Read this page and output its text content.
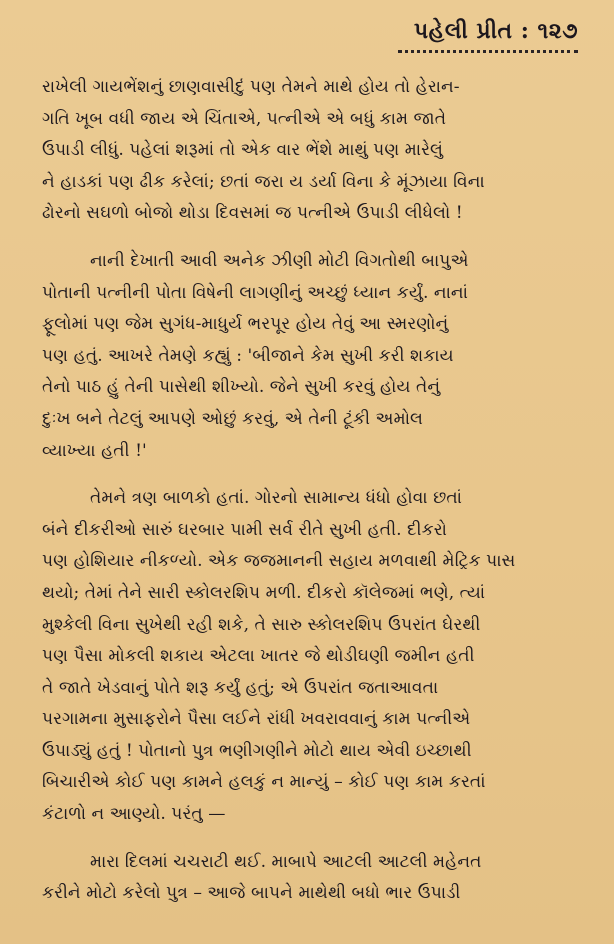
પહેલી પ્રીત : ૧૨૭

રાખેલી ગાયભેંશનું છાણવાસીદું પણ તેમને માથે હોય તો હેરાન-
ગતિ ખૂબ વધી જાય એ ચિંતાએ, પત્નીએ એ બધું કામ જાતે
ઉપાડી લીધું. પહેલાં શરૂમાં તો એક વાર ભેંશે માથું પણ મારેલું
ને હાડકાં પણ ઢીક કરેલાં; છતાં જરા ય ડર્યા વિના કે મૂંઝાયા વિના
ઢોરનો સઘળો બોજો થોડા દિવસમાં જ પત્નીએ ઉપાડી લીધેલો !

નાની દેખાતી આવી અનેક ઝીણી મોટી વિગતોથી બાપુએ
પોતાની પત્નીની પોતા વિષેની લાગણીનું અચ્છું ધ્યાન કર્યું. નાનાં
ફૂલોમાં પણ જેમ સુગંધ-માધુર્ય ભરપૂર હોય તેવું આ સ્મરણોનું
પણ હતું. આખરે તેમણે કહ્યું : 'બીજાને કેમ સુખી કરી શકાય
તેનો પાઠ હું તેની પાસેથી શીખ્યો. જેને સુખી કરવું હોય તેનું
દુઃખ બને તેટલું આપણે ઓછું કરવું, એ તેની ટૂંકી અમોલ
વ્યાખ્યા હતી !'

તેમને ત્રણ બાળકો હતાં. ગોરનો સામાન્ય ધંધો હોવા છતાં
બંને દીકરીઓ સારું ઘરબાર પામી સર્વ રીતે સુખી હતી. દીકરો
પણ હોશિયાર નીકળ્યો. એક જજમાનની સહાય મળવાથી મેટ્રિક પાસ
થયો; તેમાં તેને સારી સ્કોલરશિપ મળી. દીકરો કૉલેજમાં ભણે, ત્યાં
મુશ્કેલી વિના સુખેથી રહી શકે, તે સારુ સ્કોલરશિપ ઉપરાંત ઘેરથી
પણ પૈસા મોકલી શકાય એટલા ખાતર જે થોડીઘણી જમીન હતી
તે જાતે ખેડવાનું પોતે શરૂ કર્યું હતું; એ ઉપરાંત જતાઆવતા
પરગામના મુસાફરોને પૈસા લઈને રાંધી ખવરાવવાનું કામ પત્નીએ
ઉપાડ્યું હતું ! પોતાનો પુત્ર ભણીગણીને મોટો થાય એવી ઇચ્છાથી
બિચારીએ કોઈ પણ કામને હલકું ન માન્યું – કોઈ પણ કામ કરતાં
કંટાળો ન આણ્યો. પરંતુ —

મારા દિલમાં ચચરાટી થઈ. માબાપે આટલી આટલી મહેનત
કરીને મોટો કરેલો પુત્ર – આજે બાપને માથેથી બધો ભાર ઉપાડી
